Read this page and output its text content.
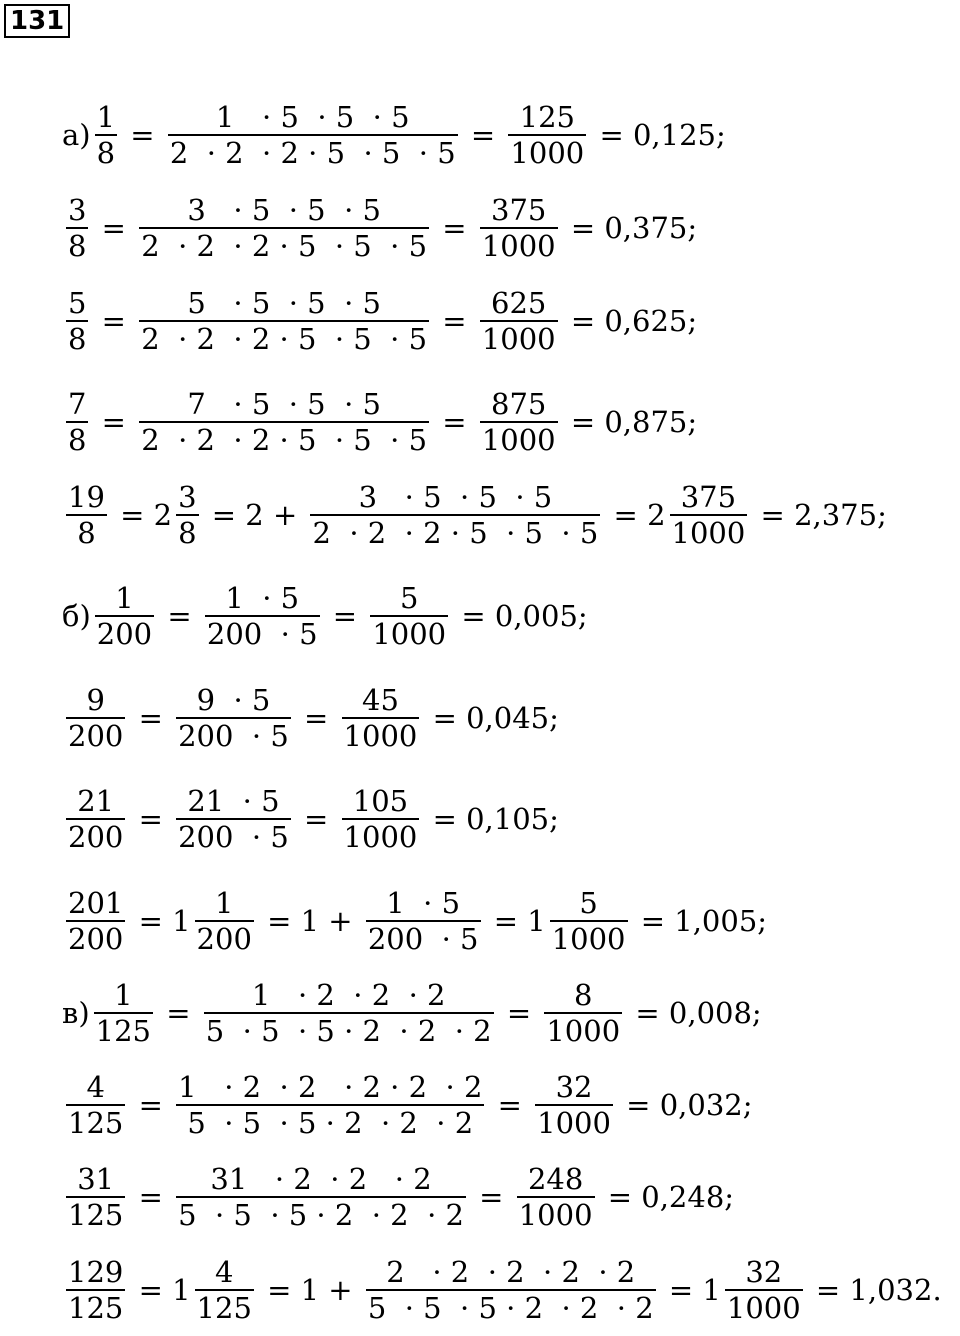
131
$а) \frac{1}{8} = \frac{1 \cdot 5 \cdot 5 \cdot 5}{2 \cdot 2 \cdot 2 \cdot 5 \cdot 5 \cdot 5} = \frac{125}{1000} = 0,125$;
$\frac{3}{8} = \frac{3 \cdot 5 \cdot 5 \cdot 5}{2 \cdot 2 \cdot 2 \cdot 5 \cdot 5 \cdot 5} = \frac{375}{1000} = 0,375$;
$\frac{5}{8} = \frac{5 \cdot 5 \cdot 5 \cdot 5}{2 \cdot 2 \cdot 2 \cdot 5 \cdot 5 \cdot 5} = \frac{625}{1000} = 0,625$;
$\frac{7}{8} = \frac{7 \cdot 5 \cdot 5 \cdot 5}{2 \cdot 2 \cdot 2 \cdot 5 \cdot 5 \cdot 5} = \frac{875}{1000} = 0,875$;
$\frac{19}{8} = 2 \frac{3}{8} = 2 + \frac{3 \cdot 5 \cdot 5 \cdot 5}{2 \cdot 2 \cdot 2 \cdot 5 \cdot 5 \cdot 5} = 2 \frac{375}{1000} = 2,375$;
$б) \frac{1}{200} = \frac{1 \cdot 5}{200 \cdot 5} = \frac{5}{1000} = 0,005$;
$\frac{9}{200} = \frac{9 \cdot 5}{200 \cdot 5} = \frac{45}{1000} = 0,045$;
$\frac{21}{200} = \frac{21 \cdot 5}{200 \cdot 5} = \frac{105}{1000} = 0,105$;
$\frac{201}{200} = 1 \frac{1}{200} = 1 + \frac{1 \cdot 5}{200 \cdot 5} = 1 \frac{5}{1000} = 1,005$;
$в) \frac{1}{125} = \frac{1 \cdot 2 \cdot 2 \cdot 2}{5 \cdot 5 \cdot 5 \cdot 2 \cdot 2 \cdot 2} = \frac{8}{1000} = 0,008$;
$\frac{4}{125} = \frac{1 \cdot 2 \cdot 2 \cdot 2 \cdot 2 \cdot 2}{5 \cdot 5 \cdot 5 \cdot 2 \cdot 2 \cdot 2} = \frac{32}{1000} = 0,032$;
$\frac{31}{125} = \frac{31 \cdot 2 \cdot 2 \cdot 2}{5 \cdot 5 \cdot 5 \cdot 2 \cdot 2 \cdot 2} = \frac{248}{1000} = 0,248$;
$\frac{129}{125} = 1 \frac{4}{125} = 1 + \frac{2 \cdot 2 \cdot 2 \cdot 2 \cdot 2}{5 \cdot 5 \cdot 5 \cdot 2 \cdot 2 \cdot 2} = 1 \frac{32}{1000} = 1,032$.
